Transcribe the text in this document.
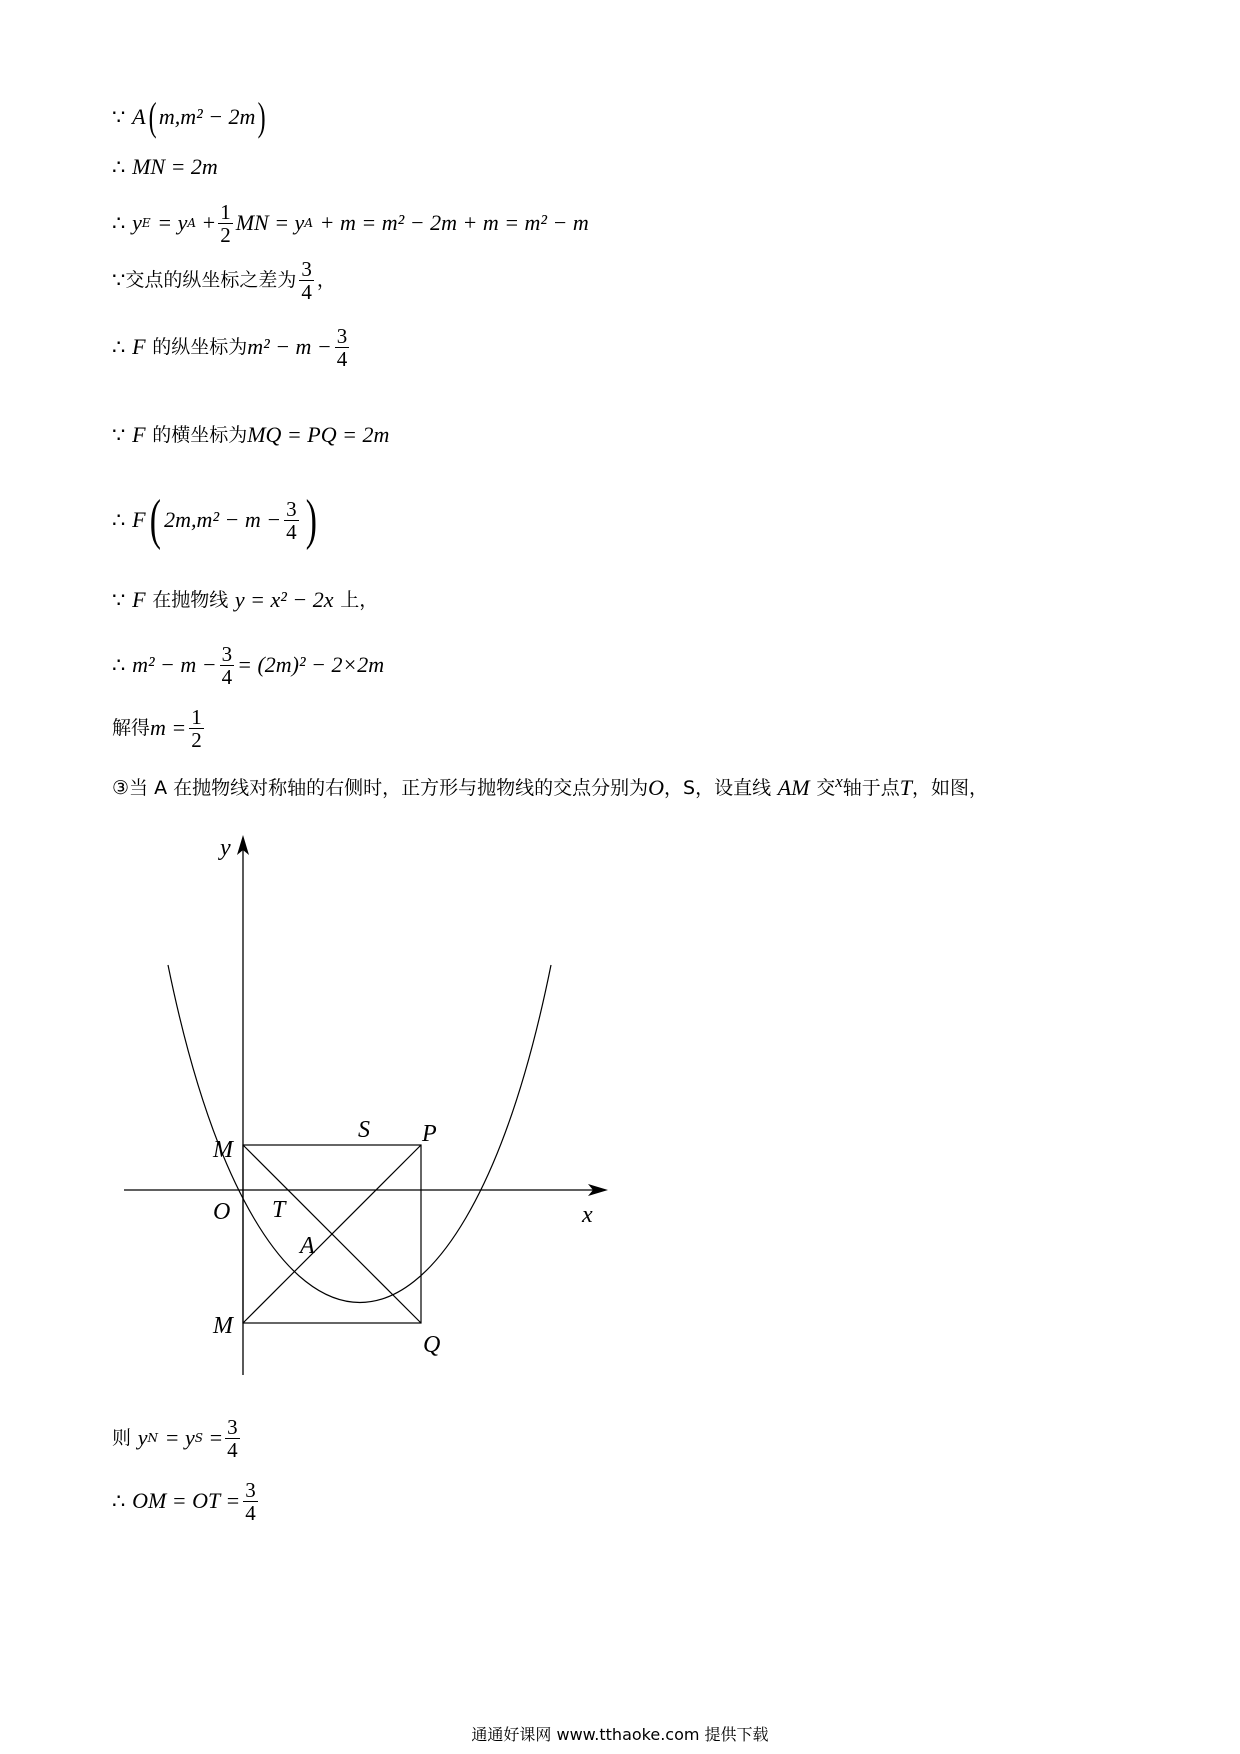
∵
A ( m,m² − 2m )
∴
MN = 2m
∴
y E
= y A
+ $\frac{1}{2}$ MN = y A
+ m = m² − 2m + m = m² − m
∵ 交点的纵坐标之差为 $\frac{3}{4}$ ，
∴
F
的纵坐标为 $m^2 - m - \frac{3}{4}$
∵
F
的横坐标为 MQ = PQ = 2m
∴
F ( $2m,m^2 - m - \frac{3}{4}$ )
∵
F
在抛物线
y = x² − 2x
上，
∴
$m^2 - m - \frac{3}{4} = (2m)^2 - 2\times 2m$
解得 $m = \frac{1}{2}$
③当 A 在抛物线对称轴的右侧时，正方形与抛物线的交点分别为 O ，S，设直线
AM
交 x 轴于点 T ，如图，
y
x
M
S P
O T
A
M
Q
则
y N
= y S
= $\frac{3}{4}$
∴
OM = OT = $\frac{3}{4}$
通通好课网 www.tthaoke.com 提供下载
